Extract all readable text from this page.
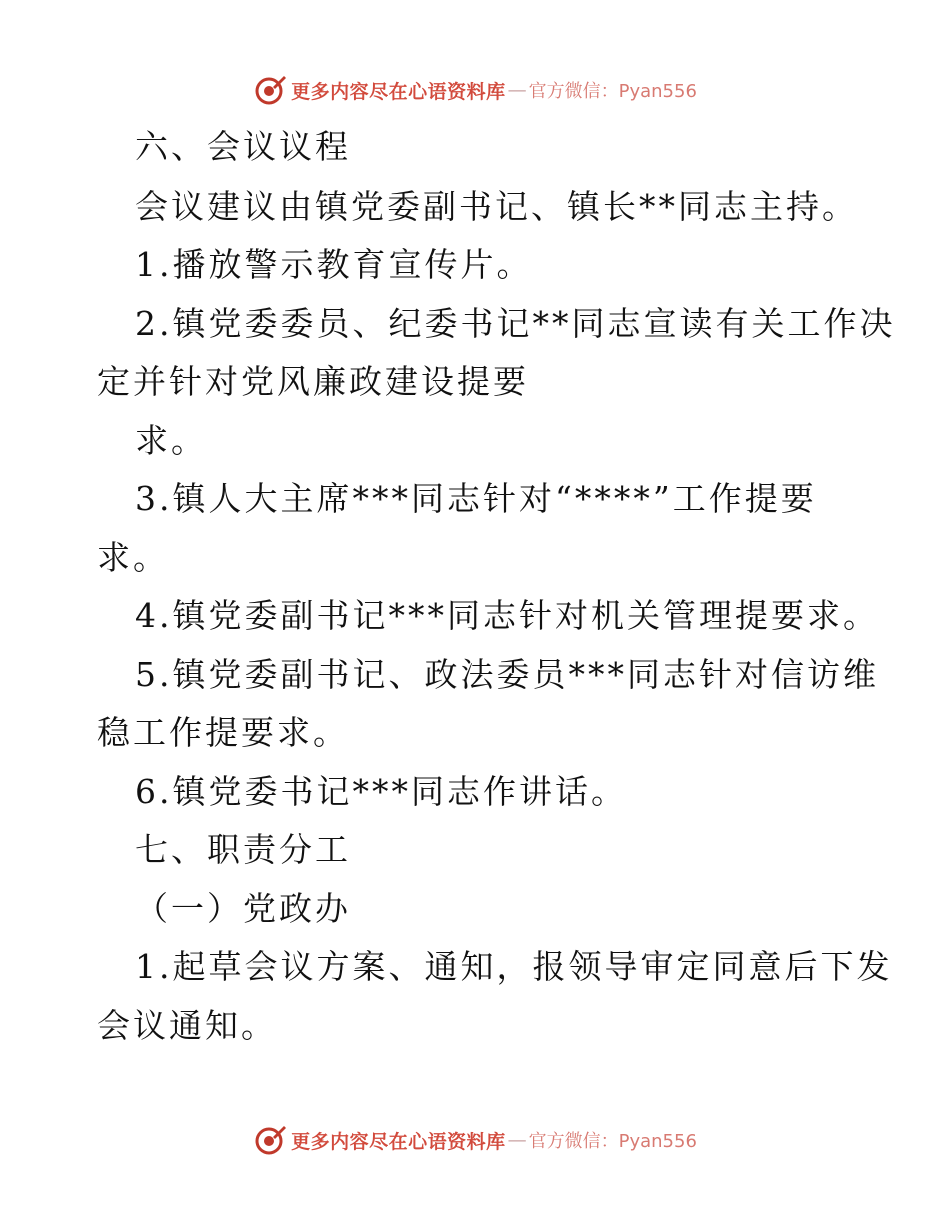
更多内容尽在心语资料库 — 官方微信：Pyan556
六、会议议程
会议建议由镇党委副书记、镇长**同志主持。
1.播放警示教育宣传片。
2.镇党委委员、纪委书记**同志宣读有关工作决
定并针对党风廉政建设提要
求。
3.镇人大主席***同志针对“****”工作提要
求。
4.镇党委副书记***同志针对机关管理提要求。
5.镇党委副书记、政法委员***同志针对信访维
稳工作提要求。
6.镇党委书记***同志作讲话。
七、职责分工
（一）党政办
1.起草会议方案、通知，报领导审定同意后下发
会议通知。
更多内容尽在心语资料库 — 官方微信：Pyan556
